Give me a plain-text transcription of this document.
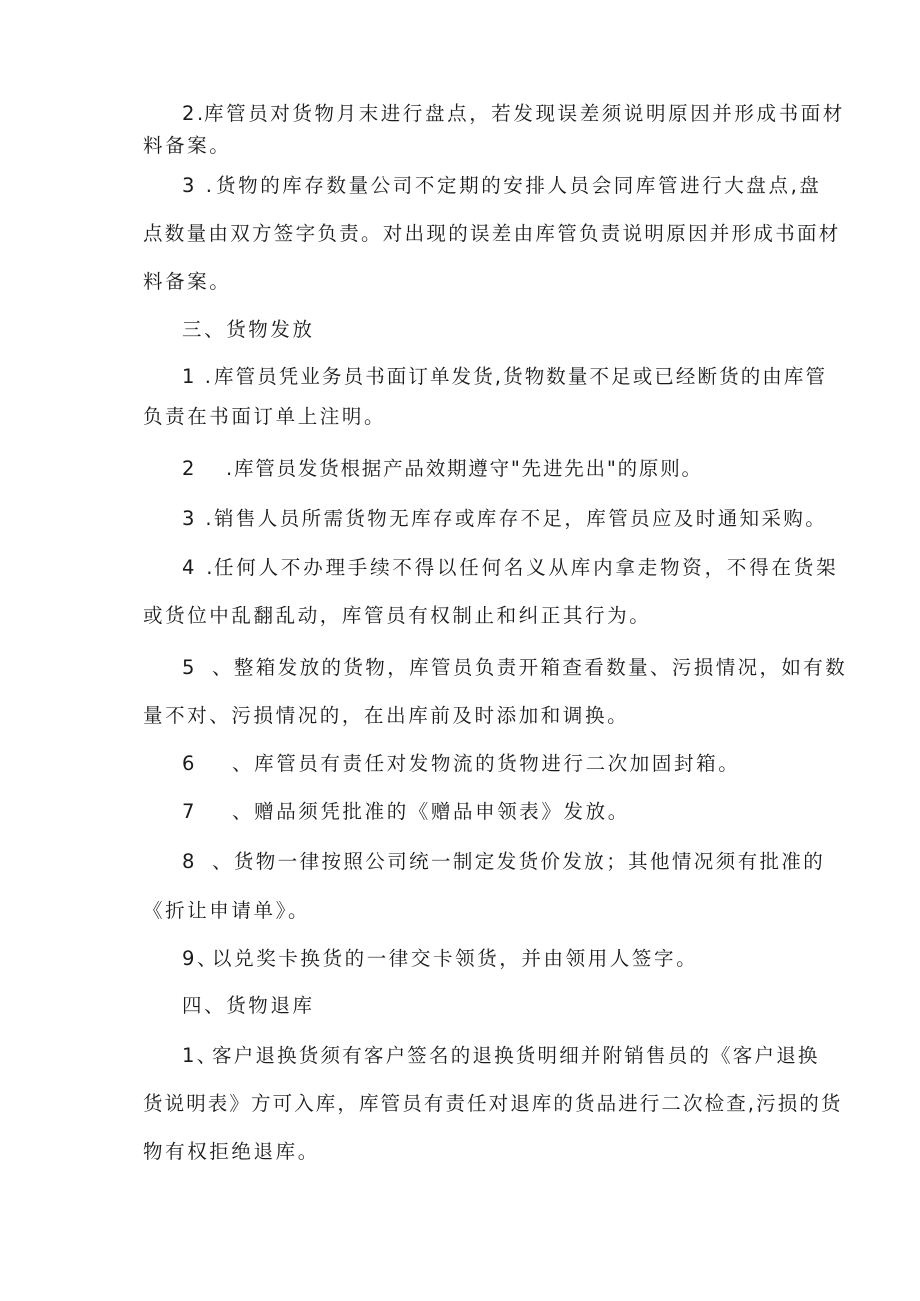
2.库管员对货物月末进行盘点，若发现误差须说明原因并形成书面材
料备案。
3 .货物的库存数量公司不定期的安排人员会同库管进行大盘点,盘
点数量由双方签字负责。对出现的误差由库管负责说明原因并形成书面材
料备案。
三、货物发放
1 .库管员凭业务员书面订单发货,货物数量不足或已经断货的由库管
负责在书面订单上注明。
2 .库管员发货根据产品效期遵守"先进先出"的原则。
3 .销售人员所需货物无库存或库存不足，库管员应及时通知采购。
4 .任何人不办理手续不得以任何名义从库内拿走物资，不得在货架
或货位中乱翻乱动，库管员有权制止和纠正其行为。
5 、整箱发放的货物，库管员负责开箱查看数量、污损情况，如有数
量不对、污损情况的，在出库前及时添加和调换。
6 、库管员有责任对发物流的货物进行二次加固封箱。
7 、赠品须凭批准的《赠品申领表》发放。
8 、货物一律按照公司统一制定发货价发放；其他情况须有批准的
《折让申请单》。
9、以兑奖卡换货的一律交卡领货，并由领用人签字。
四、货物退库
1、客户退换货须有客户签名的退换货明细并附销售员的《客户退换
货说明表》方可入库，库管员有责任对退库的货品进行二次检查,污损的货
物有权拒绝退库。
